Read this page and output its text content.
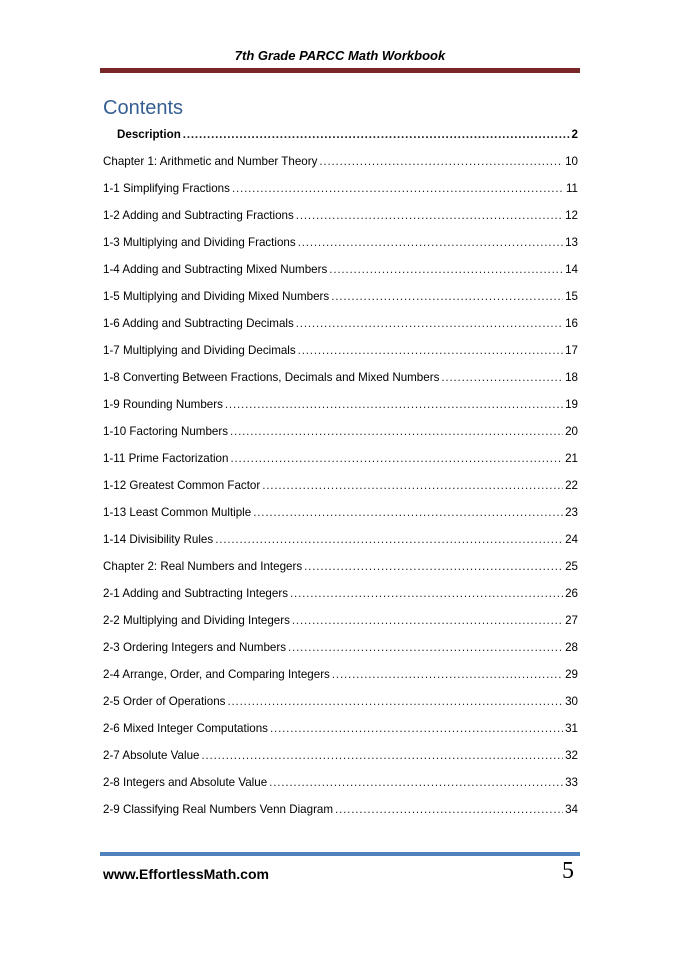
7th Grade PARCC Math Workbook
Contents
Description . . .	2
Chapter 1: Arithmetic and Number Theory . . .	10
1-1 Simplifying Fractions . . .	11
1-2 Adding and Subtracting Fractions . . .	12
1-3 Multiplying and Dividing Fractions . . .	13
1-4 Adding and Subtracting Mixed Numbers . . .	14
1-5 Multiplying and Dividing Mixed Numbers . . .	15
1-6 Adding and Subtracting Decimals . . .	16
1-7 Multiplying and Dividing Decimals . . .	17
1-8 Converting Between Fractions, Decimals and Mixed Numbers . . .	18
1-9 Rounding Numbers . . .	19
1-10 Factoring Numbers . . .	20
1-11 Prime Factorization . . .	21
1-12 Greatest Common Factor . . .	22
1-13 Least Common Multiple . . .	23
1-14 Divisibility Rules . . .	24
Chapter 2: Real Numbers and Integers . . .	25
2-1 Adding and Subtracting Integers . . .	26
2-2 Multiplying and Dividing Integers . . .	27
2-3 Ordering Integers and Numbers . . .	28
2-4 Arrange, Order, and Comparing Integers . . .	29
2-5 Order of Operations . . .	30
2-6 Mixed Integer Computations . . .	31
2-7 Absolute Value . . .	32
2-8 Integers and Absolute Value . . .	33
2-9 Classifying Real Numbers Venn Diagram . . .	34
www.EffortlessMath.com	5
